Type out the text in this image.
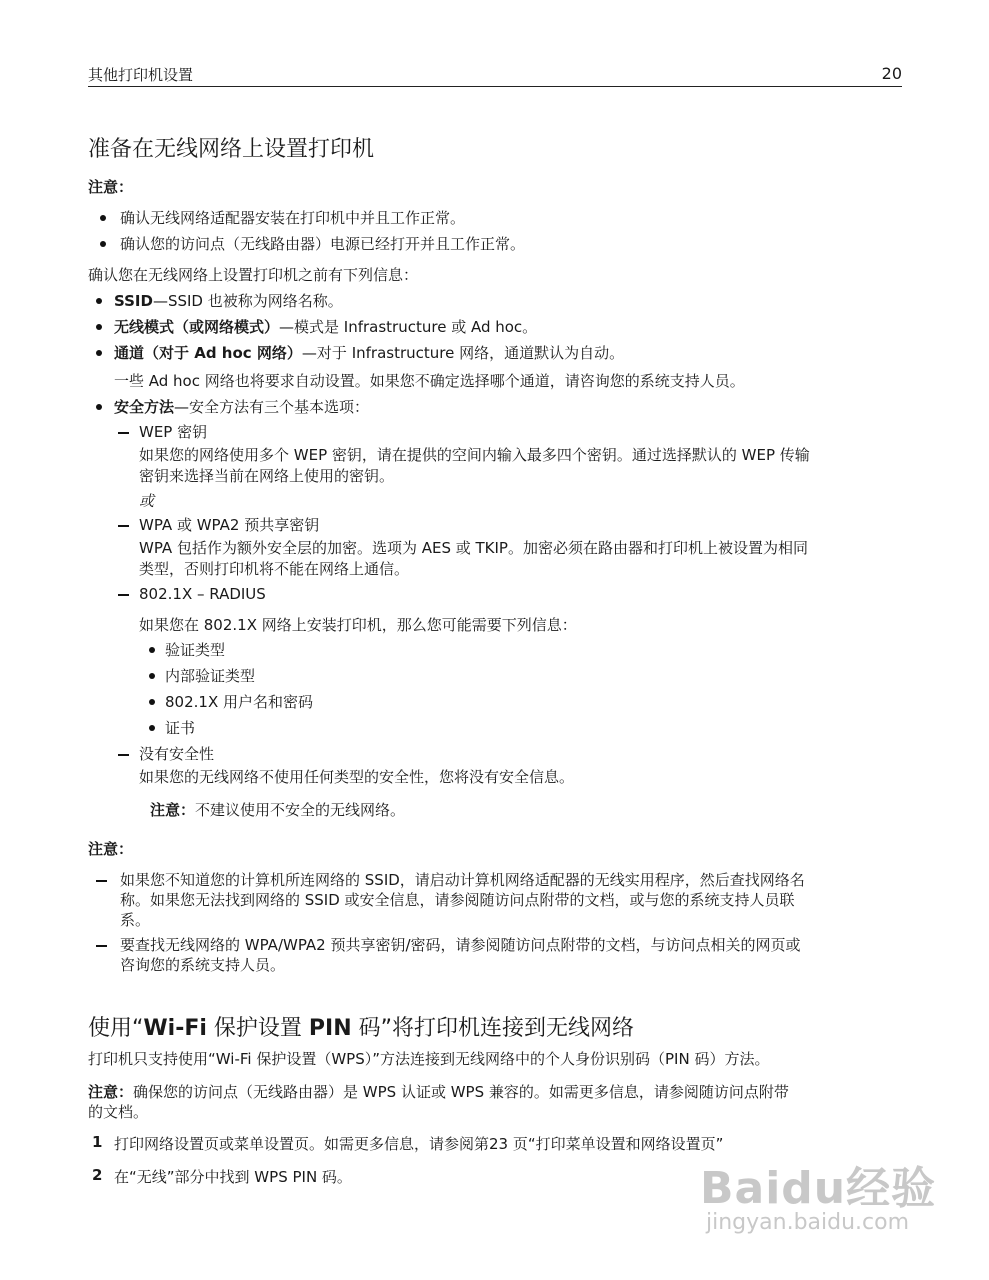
其他打印机设置	20
准备在无线网络上设置打印机
注意：
确认无线网络适配器安装在打印机中并且工作正常。
确认您的访问点（无线路由器）电源已经打开并且工作正常。
确认您在无线网络上设置打印机之前有下列信息：
SSID—SSID 也被称为网络名称。
无线模式（或网络模式）—模式是 Infrastructure 或 Ad hoc。
通道（对于 Ad hoc 网络）—对于 Infrastructure 网络，通道默认为自动。
一些 Ad hoc 网络也将要求自动设置。如果您不确定选择哪个通道，请咨询您的系统支持人员。
安全方法—安全方法有三个基本选项：
WEP 密钥
如果您的网络使用多个 WEP 密钥，请在提供的空间内输入最多四个密钥。通过选择默认的 WEP 传输
密钥来选择当前在网络上使用的密钥。
或
WPA 或 WPA2 预共享密钥
WPA 包括作为额外安全层的加密。选项为 AES 或 TKIP。加密必须在路由器和打印机上被设置为相同
类型，否则打印机将不能在网络上通信。
802.1X – RADIUS
如果您在 802.1X 网络上安装打印机，那么您可能需要下列信息：
验证类型
内部验证类型
802.1X 用户名和密码
证书
没有安全性
如果您的无线网络不使用任何类型的安全性，您将没有安全信息。
注意：不建议使用不安全的无线网络。
注意：
如果您不知道您的计算机所连网络的 SSID，请启动计算机网络适配器的无线实用程序，然后查找网络名
称。如果您无法找到网络的 SSID 或安全信息，请参阅随访问点附带的文档，或与您的系统支持人员联
系。
要查找无线网络的 WPA/WPA2 预共享密钥/密码，请参阅随访问点附带的文档，与访问点相关的网页或
咨询您的系统支持人员。
使用“Wi-Fi 保护设置 PIN 码”将打印机连接到无线网络
打印机只支持使用“Wi-Fi 保护设置（WPS）”方法连接到无线网络中的个人身份识别码（PIN 码）方法。
注意：确保您的访问点（无线路由器）是 WPS 认证或 WPS 兼容的。如需更多信息，请参阅随访问点附带
的文档。
1 打印网络设置页或菜单设置页。如需更多信息，请参阅第23 页“打印菜单设置和网络设置页”
2 在“无线”部分中找到 WPS PIN 码。	Baidu经验
jingyan.baidu.com
